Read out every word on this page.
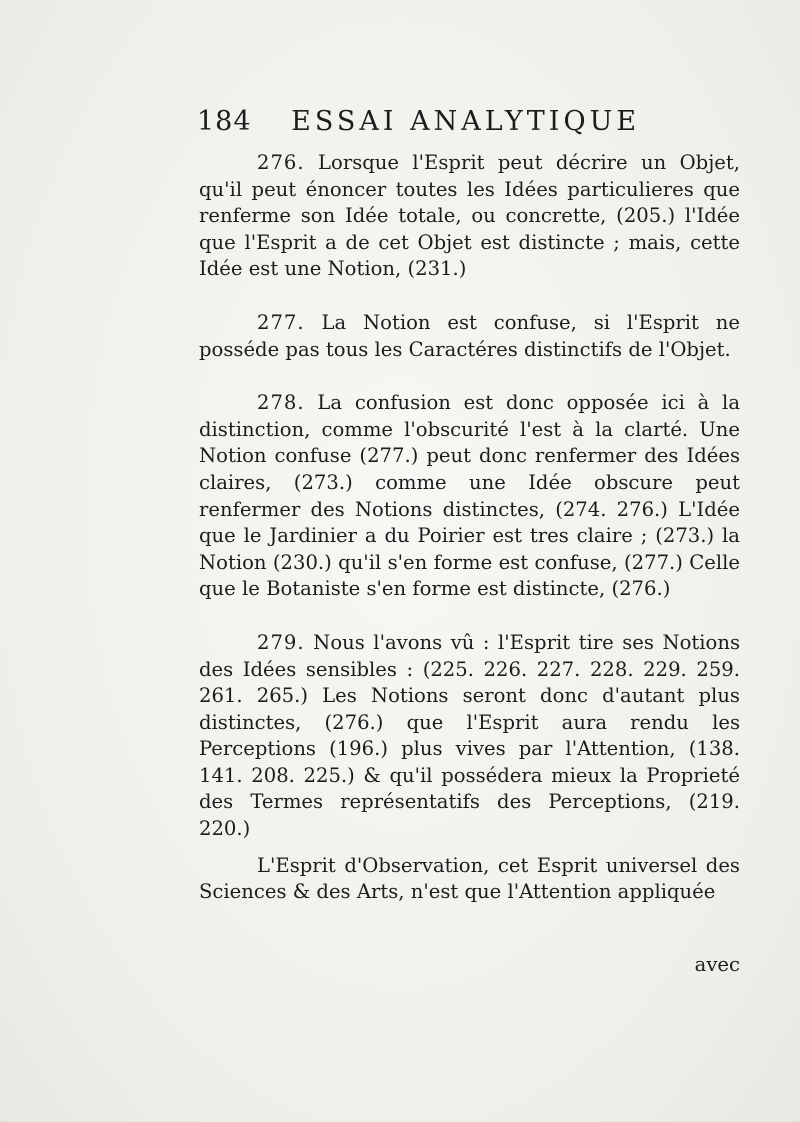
184 ESSAI ANALYTIQUE

276. Lorsque l'Esprit peut décrire un Objet, qu'il peut énoncer toutes les Idées particulieres que renferme son Idée totale, ou concrette, (205.) l'Idée que l'Esprit a de cet Objet est distincte ; mais, cette Idée est une Notion, (231.)

277. La Notion est confuse, si l'Esprit ne posséde pas tous les Caractéres distinctifs de l'Objet.

278. La confusion est donc opposée ici à la distinction, comme l'obscurité l'est à la clarté. Une Notion confuse (277.) peut donc renfermer des Idées claires, (273.) comme une Idée obscure peut renfermer des Notions distinctes, (274. 276.) L'Idée que le Jardinier a du Poirier est tres claire ; (273.) la Notion (230.) qu'il s'en forme est confuse, (277.) Celle que le Botaniste s'en forme est distincte, (276.)

279. Nous l'avons vû : l'Esprit tire ses Notions des Idées sensibles : (225. 226. 227. 228. 229. 259. 261. 265.) Les Notions seront donc d'autant plus distinctes, (276.) que l'Esprit aura rendu les Perceptions (196.) plus vives par l'Attention, (138. 141. 208. 225.) & qu'il possédera mieux la Proprieté des Termes représentatifs des Perceptions, (219. 220.)

L'Esprit d'Observation, cet Esprit universel des Sciences & des Arts, n'est que l'Attention appliquée

avec
